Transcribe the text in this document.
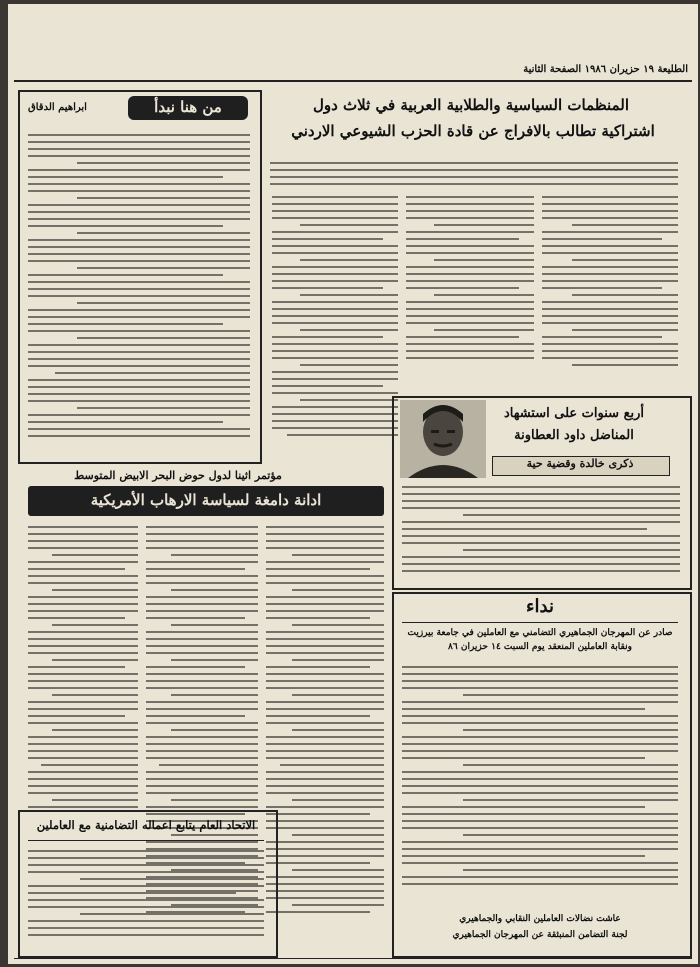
الطليعة ١٩ حزيران ١٩٨٦ الصفحة الثانية
المنظمات السياسية والطلابية العربية في ثلاث دول
اشتراكية تطالب بالافراج عن قادة الحزب الشيوعي الاردني
من هنا نبدأ
ابراهيم الدقاق
أربع سنوات على استشهاد
المناضل داود العطاونة
ذكرى خالدة وقضية حية
مؤتمر اثينا لدول حوض البحر الابيض المتوسط
ادانة دامغة لسياسة الارهاب الأمريكية
نداء
صادر عن المهرجان الجماهيري التضامني مع العاملين في جامعة بيرزيت
ونقابة العاملين المنعقد يوم السبت ١٤ حزيران ٨٦
عاشت نضالات العاملين النقابي والجماهيري
لجنة التضامن المنبثقة عن المهرجان الجماهيري
الاتحاد العام يتابع اعماله التضامنية مع العاملين
